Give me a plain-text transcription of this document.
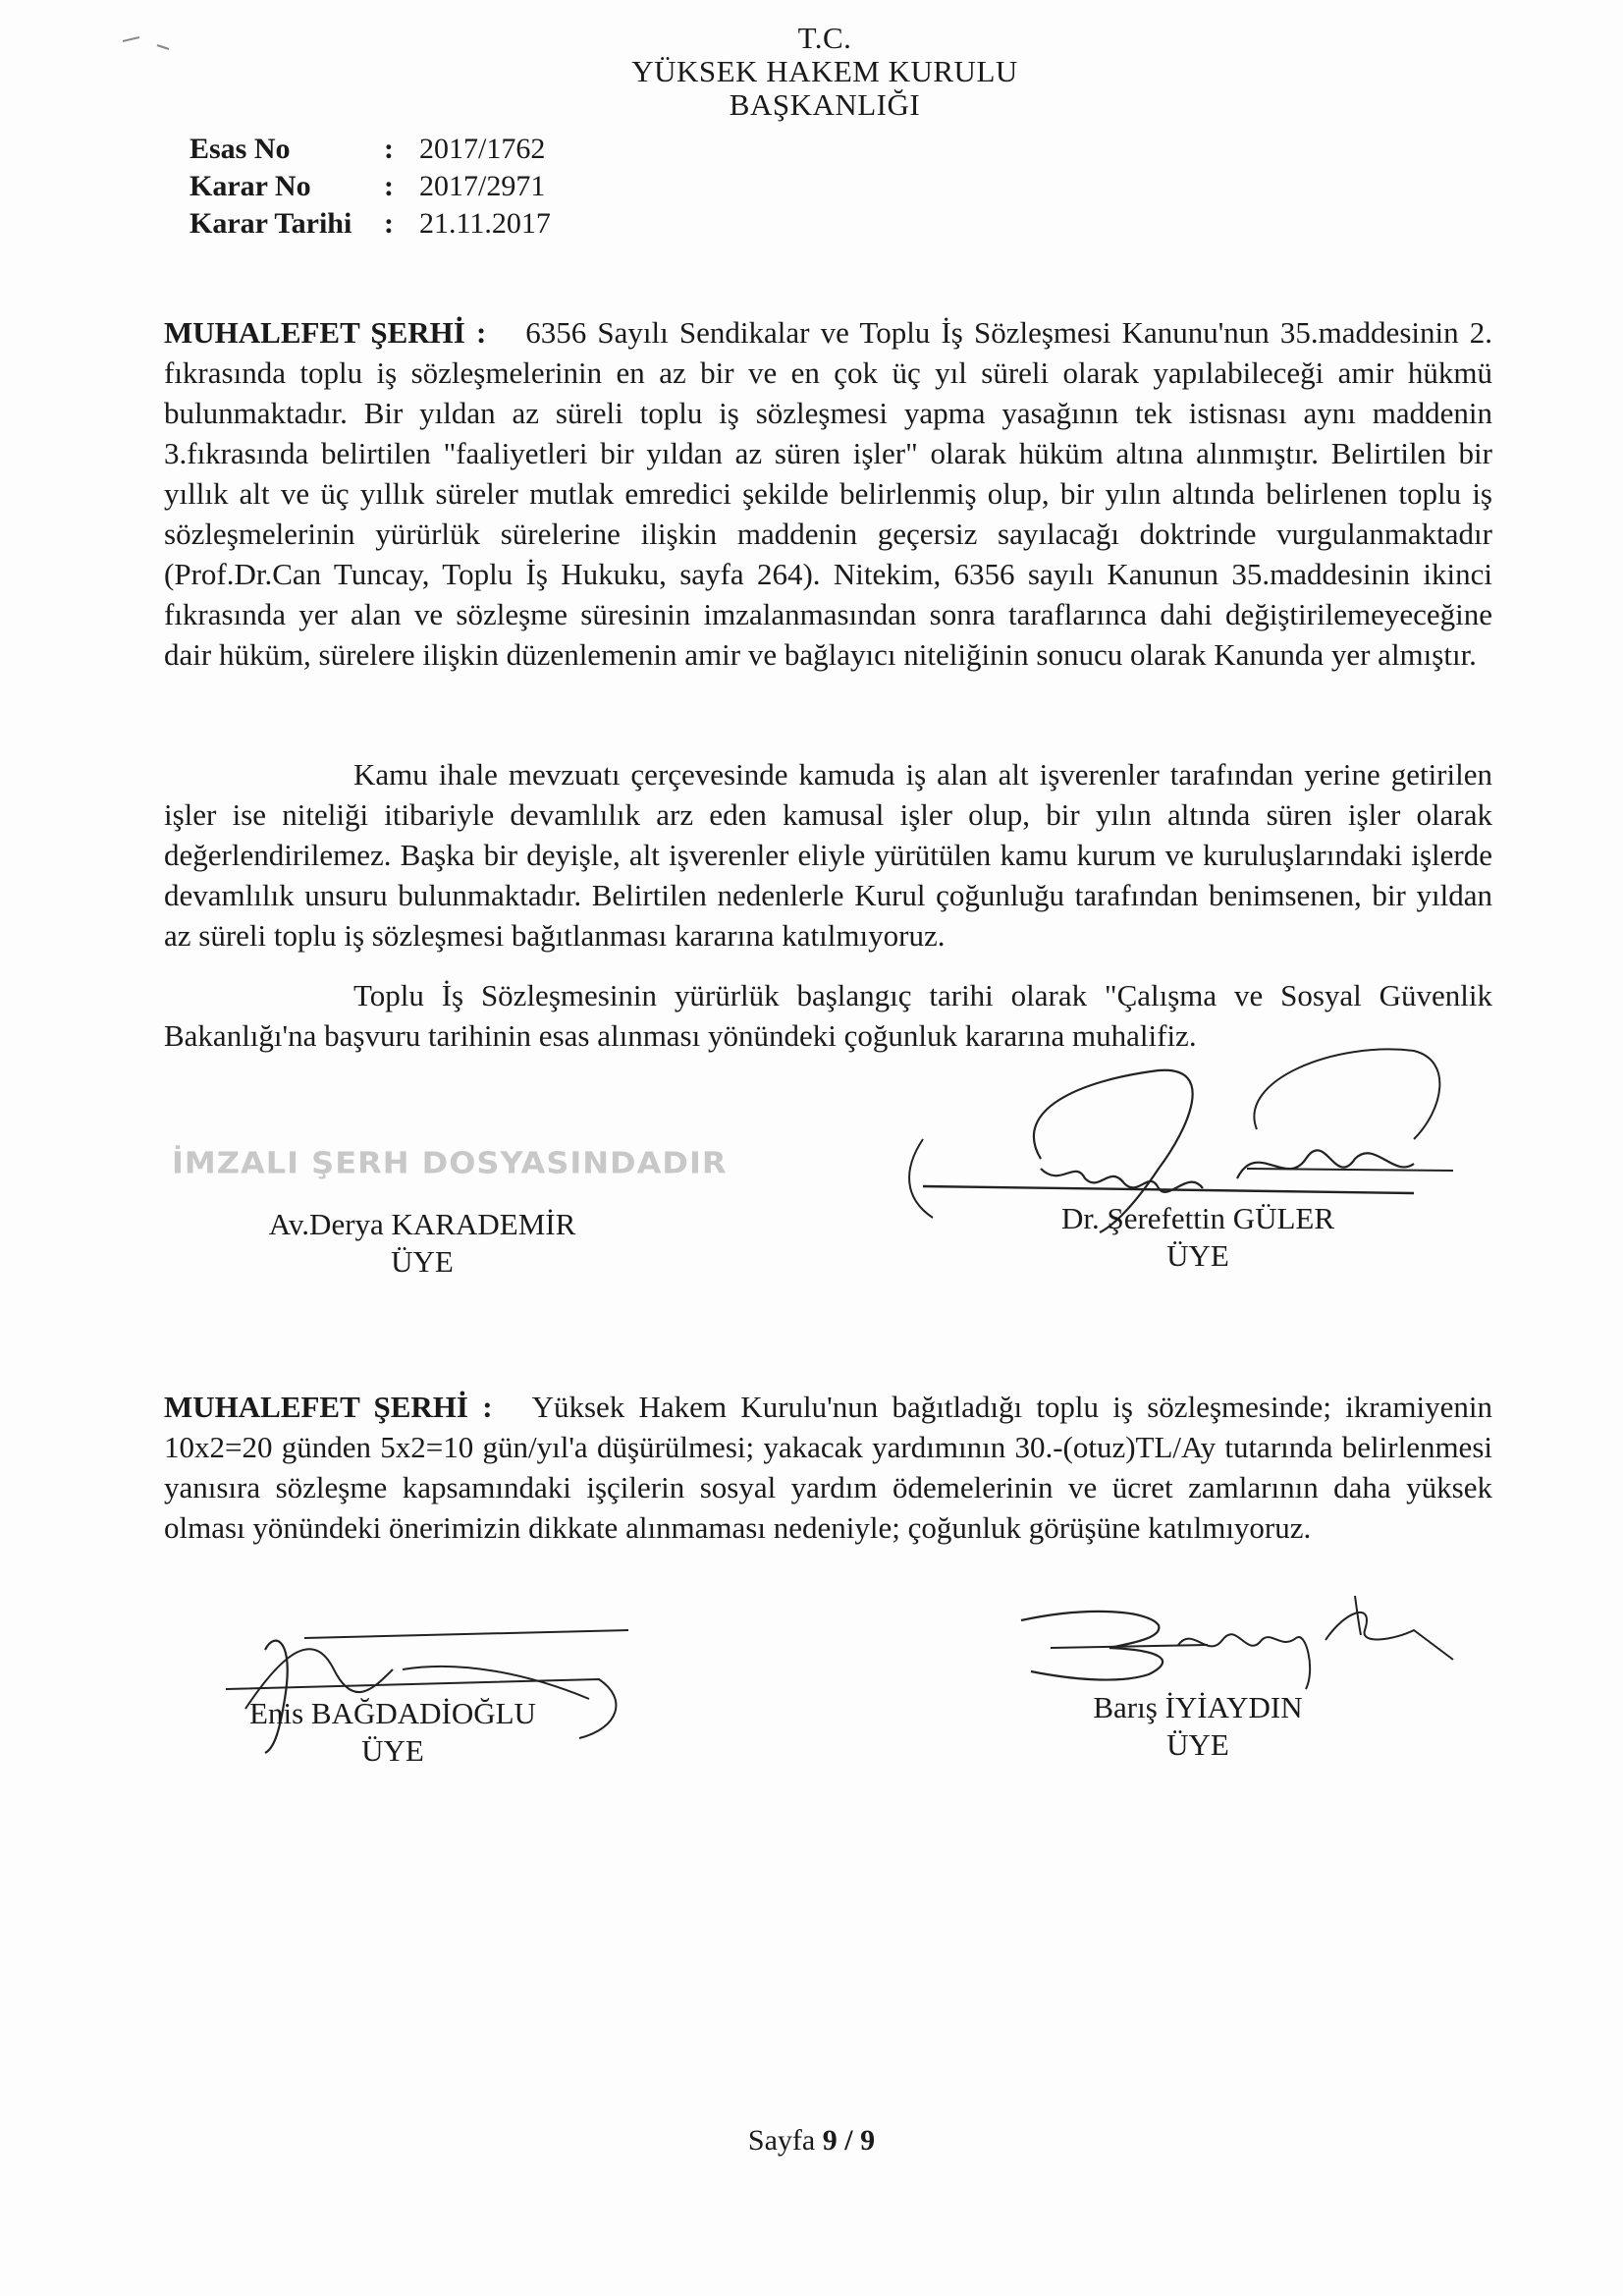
T.C.
YÜKSEK HAKEM KURULU
BAŞKANLIĞI
Esas No	: 2017/1762
Karar No	: 2017/2971
Karar Tarihi	: 21.11.2017
MUHALEFET ŞERHİ : 6356 Sayılı Sendikalar ve Toplu İş Sözleşmesi Kanunu'nun 35.maddesinin 2. fıkrasında toplu iş sözleşmelerinin en az bir ve en çok üç yıl süreli olarak yapılabileceği amir hükmü bulunmaktadır. Bir yıldan az süreli toplu iş sözleşmesi yapma yasağının tek istisnası aynı maddenin 3.fıkrasında belirtilen "faaliyetleri bir yıldan az süren işler" olarak hüküm altına alınmıştır. Belirtilen bir yıllık alt ve üç yıllık süreler mutlak emredici şekilde belirlenmiş olup, bir yılın altında belirlenen toplu iş sözleşmelerinin yürürlük sürelerine ilişkin maddenin geçersiz sayılacağı doktrinde vurgulanmaktadır (Prof.Dr.Can Tuncay, Toplu İş Hukuku, sayfa 264). Nitekim, 6356 sayılı Kanunun 35.maddesinin ikinci fıkrasında yer alan ve sözleşme süresinin imzalanmasından sonra taraflarınca dahi değiştirilemeyeceğine dair hüküm, sürelere ilişkin düzenlemenin amir ve bağlayıcı niteliğinin sonucu olarak Kanunda yer almıştır.
Kamu ihale mevzuatı çerçevesinde kamuda iş alan alt işverenler tarafından yerine getirilen işler ise niteliği itibariyle devamlılık arz eden kamusal işler olup, bir yılın altında süren işler olarak değerlendirilemez. Başka bir deyişle, alt işverenler eliyle yürütülen kamu kurum ve kuruluşlarındaki işlerde devamlılık unsuru bulunmaktadır. Belirtilen nedenlerle Kurul çoğunluğu tarafından benimsenen, bir yıldan az süreli toplu iş sözleşmesi bağıtlanması kararına katılmıyoruz.
Toplu İş Sözleşmesinin yürürlük başlangıç tarihi olarak "Çalışma ve Sosyal Güvenlik Bakanlığı'na başvuru tarihinin esas alınması yönündeki çoğunluk kararına muhalifiz.
İMZALI ŞERH DOSYASINDADIR
Av.Derya KARADEMİR
ÜYE
Dr. Şerefettin GÜLER
ÜYE
MUHALEFET ŞERHİ : Yüksek Hakem Kurulu'nun bağıtladığı toplu iş sözleşmesinde; ikramiyenin 10x2=20 günden 5x2=10 gün/yıl'a düşürülmesi; yakacak yardımının 30.-(otuz)TL/Ay tutarında belirlenmesi yanısıra sözleşme kapsamındaki işçilerin sosyal yardım ödemelerinin ve ücret zamlarının daha yüksek olması yönündeki önerimizin dikkate alınmaması nedeniyle; çoğunluk görüşüne katılmıyoruz.
Enis BAĞDADİOĞLU
ÜYE
Barış İYİAYDIN
ÜYE
Sayfa 9 / 9
